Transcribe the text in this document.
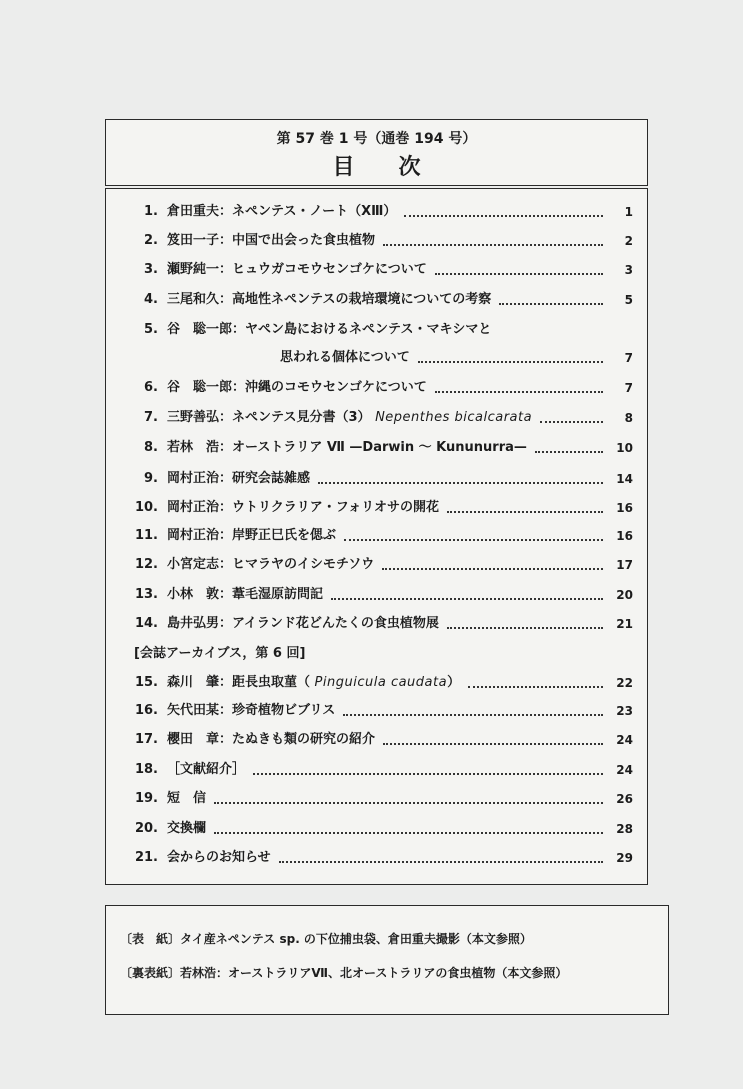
第 57 巻 1 号（通巻 194 号）
目次
1. 倉田重夫：ネペンテス・ノート（XⅢ）	1
2. 笈田一子：中国で出会った食虫植物	2
3. 瀬野純一：ヒュウガコモウセンゴケについて	3
4. 三尾和久：高地性ネペンテスの栽培環境についての考察	5
5. 谷　聡一郎：ヤペン島におけるネペンテス・マキシマと
思われる個体について	7
6. 谷　聡一郎：沖縄のコモウセンゴケについて	7
7. 三野善弘：ネペンテス見分書（3） Nepenthes bicalcarata	8
8. 若林　浩：オーストラリア Ⅶ —Darwin ～ Kununurra—	10
9. 岡村正治：研究会誌雑感	14
10. 岡村正治：ウトリクラリア・フォリオサの開花	16
11. 岡村正治：岸野正巳氏を偲ぶ	16
12. 小宮定志：ヒマラヤのイシモチソウ	17
13. 小林　敦：葦毛湿原訪問記	20
14. 島井弘男：アイランド花どんたくの食虫植物展	21
[会誌アーカイブス，第 6 回]
15. 森川　肇：距長虫取菫（ Pinguicula caudata）	22
16. 矢代田某：珍奇植物ビブリス	23
17. 櫻田　章：たぬきも類の研究の紹介	24
18. ［文献紹介］	24
19. 短　信	26
20. 交換欄	28
21. 会からのお知らせ	29
〔表　紙〕タイ産ネペンテス sp. の下位捕虫袋、倉田重夫撮影（本文参照）
〔裏表紙〕若林浩：オーストラリアⅦ、北オーストラリアの食虫植物（本文参照）
